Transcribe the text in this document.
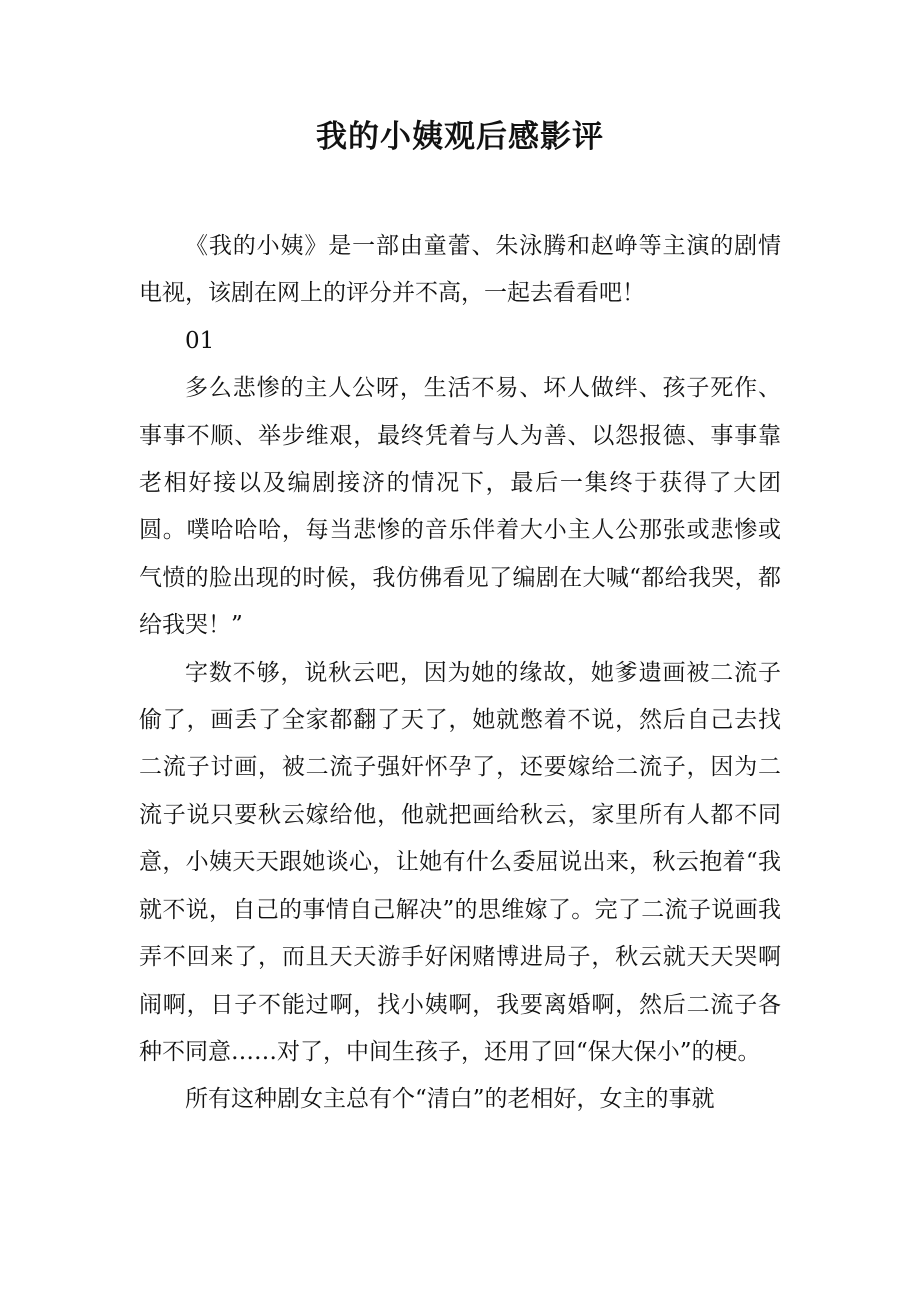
我的小姨观后感影评

《我的小姨》是一部由童蕾、朱泳腾和赵峥等主演的剧情电视，该剧在网上的评分并不高，一起去看看吧！

01

多么悲惨的主人公呀，生活不易、坏人做绊、孩子死作、事事不顺、举步维艰，最终凭着与人为善、以怨报德、事事靠老相好接以及编剧接济的情况下，最后一集终于获得了大团圆。噗哈哈哈，每当悲惨的音乐伴着大小主人公那张或悲惨或气愤的脸出现的时候，我仿佛看见了编剧在大喊“都给我哭，都给我哭！”

字数不够，说秋云吧，因为她的缘故，她爹遗画被二流子偷了，画丢了全家都翻了天了，她就憋着不说，然后自己去找二流子讨画，被二流子强奸怀孕了，还要嫁给二流子，因为二流子说只要秋云嫁给他，他就把画给秋云，家里所有人都不同意，小姨天天跟她谈心，让她有什么委屈说出来，秋云抱着“我就不说，自己的事情自己解决”的思维嫁了。完了二流子说画我弄不回来了，而且天天游手好闲赌博进局子，秋云就天天哭啊闹啊，日子不能过啊，找小姨啊，我要离婚啊，然后二流子各种不同意……对了，中间生孩子，还用了回“保大保小”的梗。

所有这种剧女主总有个“清白”的老相好，女主的事就
